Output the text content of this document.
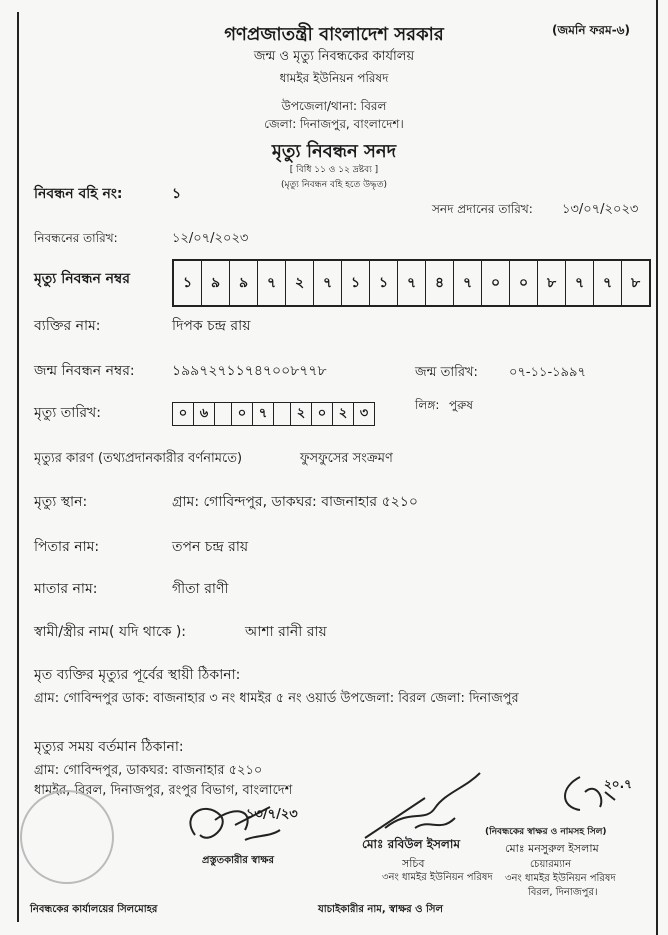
(জমনি ফরম-৬)
গণপ্রজাতন্ত্রী বাংলাদেশ সরকার
জন্ম ও মৃত্যু নিবন্ধকের কার্যালয়
ধামইর ইউনিয়ন পরিষদ
উপজেলা/থানা: বিরল
জেলা: দিনাজপুর, বাংলাদেশ।
মৃত্যু নিবন্ধন সনদ
[ বিধি ১১ ও ১২ দ্রষ্টব্য ]
(মৃত্যু নিবন্ধন বহি হতে উদ্ধৃত)
নিবন্ধন বহি নং:	১
সনদ প্রদানের তারিখ: ১৩/০৭/২০২৩
নিবন্ধনের তারিখ:	১২/০৭/২০২৩
মৃত্যু নিবন্ধন নম্বর	১	৯	৯	৭	২	৭	১	১	৭	৪	৭	০	০	৮	৭	৭	৮
ব্যক্তির নাম:	দিপক চন্দ্র রায়
জন্ম নিবন্ধন নম্বর:	১৯৯৭২৭১১৭৪৭০০৮৭৭৮	জন্ম তারিখ: ০৭-১১-১৯৯৭
মৃত্যু তারিখ:	০ ৬	০ ৭	২ ০ ২ ৩
লিঙ্গ: পুরুষ
মৃত্যুর কারণ (তথ্যপ্রদানকারীর বর্ণনামতে)	ফুসফুসের সংক্রমণ
মৃত্যু স্থান:	গ্রাম: গোবিন্দপুর, ডাকঘর: বাজনাহার ৫২১০
পিতার নাম:	তপন চন্দ্র রায়
মাতার নাম:	গীতা রাণী
স্বামী/স্ত্রীর নাম( যদি থাকে ):	আশা রানী রায়
মৃত ব্যক্তির মৃত্যুর পূর্বের স্থায়ী ঠিকানা:
গ্রাম: গোবিন্দপুর ডাক: বাজনাহার ৩ নং ধামইর ৫ নং ওয়ার্ড উপজেলা: বিরল জেলা: দিনাজপুর
মৃত্যুর সময় বর্তমান ঠিকানা:
গ্রাম: গোবিন্দপুর, ডাকঘর: বাজনাহার ৫২১০
ধামইর, বিরল, দিনাজপুর, রংপুর বিভাগ, বাংলাদেশ
১৩/৭/২৩
প্রস্তুতকারীর স্বাক্ষর
মোঃ রবিউল ইসলাম
সচিব
৩নং ধামইর ইউনিয়ন পরিষদ
যাচাইকারীর নাম, স্বাক্ষর ও সিল
২০.৭
(নিবন্ধকের স্বাক্ষর ও নামসহ সিল)
মোঃ মনসুরুল ইসলাম
চেয়ারম্যান
৩নং ধামইর ইউনিয়ন পরিষদ
বিরল, দিনাজপুর।
নিবন্ধকের কার্যালয়ের সিলমোহর
